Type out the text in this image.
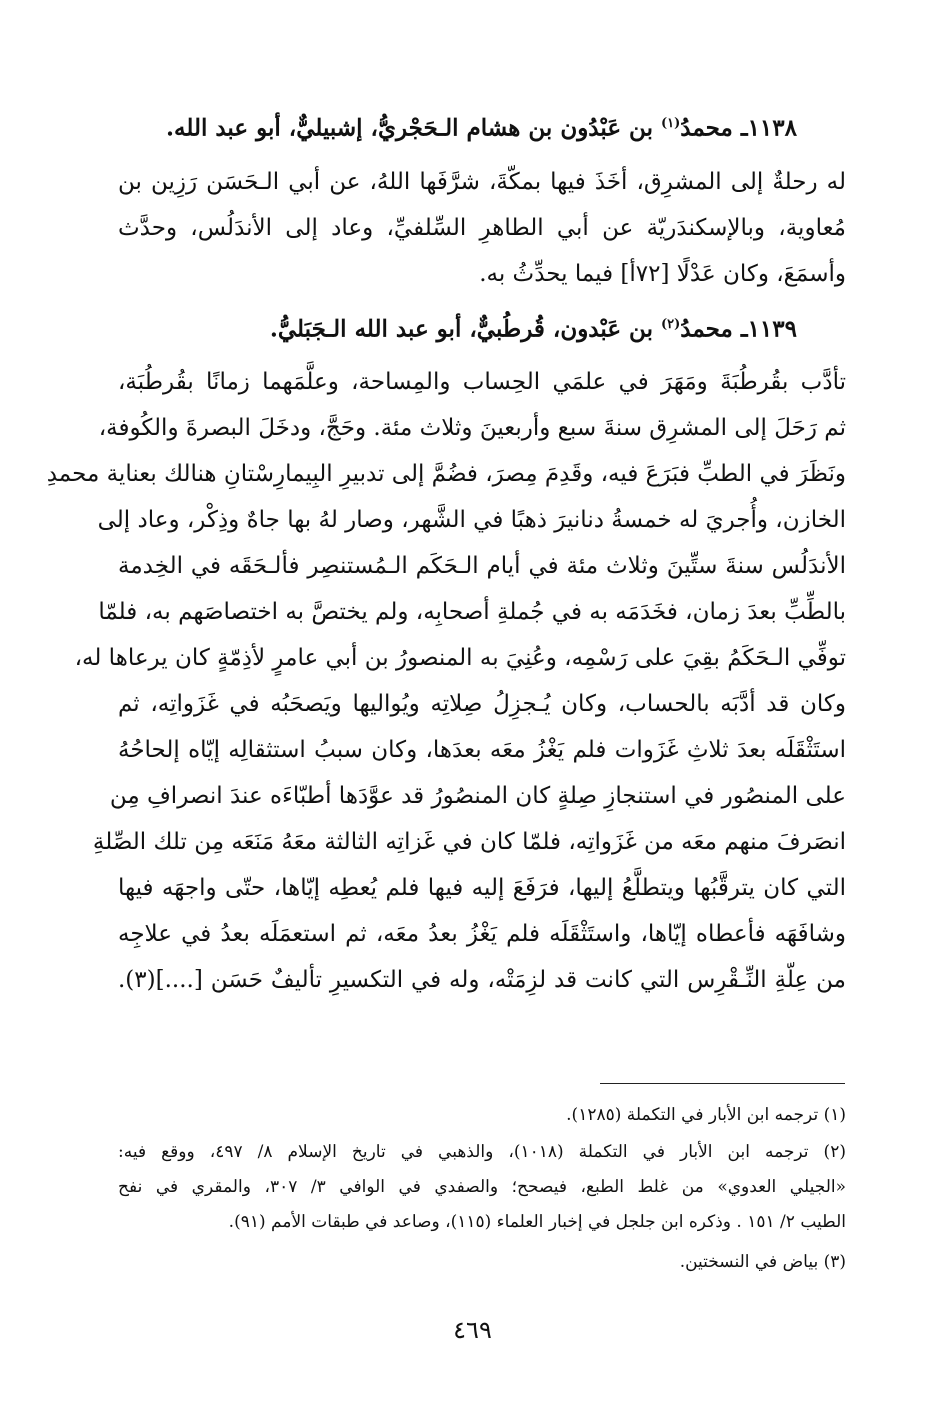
١١٣٨ـ محمدُ$^{(١)}$ بن عَبْدُون بن هشام الـحَجْريُّ، إشبيليٌّ، أبو عبد الله.
له رحلةٌ إلى المشرِق، أخَذَ فيها بمكّةَ، شرَّفَها اللهُ، عن أبي الـحَسَن رَزِين بن
مُعاوية، وبالإسكندَريّة عن أبي الطاهرِ السِّلفيِّ، وعاد إلى الأندَلُس، وحدَّث
وأسمَعَ، وكان عَدْلًا [٧٢أ] فيما يحدِّثُ به.
١١٣٩ـ محمدُ$^{(٢)}$ بن عَبْدون، قُرطُبيٌّ، أبو عبد الله الـجَبَليُّ.
تأدَّب بقُرطُبَةَ ومَهَرَ في علمَي الحِساب والمِساحة، وعلَّمَهما زمانًا بقُرطُبَة،
ثم رَحَلَ إلى المشرِق سنةَ سبع وأربعينَ وثلاث مئة. وحَجَّ، ودخَلَ البصرةَ والكُوفة،
ونَظَرَ في الطبِّ فبَرَعَ فيه، وقَدِمَ مِصرَ، فضُمَّ إلى تدبيرِ البِيمارِسْتانِ هنالك بعناية محمدِ
الخازن، وأُجريَ له خمسةُ دنانيرَ ذهبًا في الشَّهر، وصار لهُ بها جاهٌ وذِكْر، وعاد إلى
الأندَلُس سنةَ ستِّينَ وثلاث مئة في أيام الـحَكَم الـمُستنصِر فألـحَقَه في الخِدمة
بالطِّبِّ بعدَ زمان، فخَدَمَه به في جُملةِ أصحابِه، ولم يختصَّ به اختصاصَهم به، فلمّا
توفِّي الـحَكَمُ بقِيَ على رَسْمِه، وعُنِيَ به المنصورُ بن أبي عامرٍ لأذِمّةٍ كان يرعاها له،
وكان قد أدَّبَه بالحساب، وكان يُـجزِلُ صِلاتِه ويُواليها ويَصحَبُه في غَزَواتِه، ثم
استَثْقَلَه بعدَ ثلاثِ غَزَوات فلم يَغْزُ معَه بعدَها، وكان سببُ استثقالِه إيّاه إلحاحُهُ
على المنصُور في استنجازِ صِلةٍ كان المنصُورُ قد عوَّدَها أطبّاءَه عندَ انصرافِ مِن
انصَرفَ منهم معَه من غَزَواتِه، فلمّا كان في غَزاتِه الثالثة معَهُ مَنَعَه مِن تلك الصِّلةِ
التي كان يترقَّبُها ويتطلَّعُ إليها، فرَفَعَ إليه فيها فلم يُعطِه إيّاها، حتّى واجهَه فيها
وشافَهَه فأعطاه إيّاها، واستَثْقَلَه فلم يَغْزُ بعدُ معَه، ثم استعمَلَه بعدُ في علاجِه
من عِلّةِ النِّـقْرِس التي كانت قد لزِمَتْه، وله في التكسيرِ تأليفٌ حَسَن [....](٣).
(١) ترجمه ابن الأبار في التكملة (١٢٨٥).
(٢) ترجمه ابن الأبار في التكملة (١٠١٨)، والذهبي في تاريخ الإسلام ٨/ ٤٩٧، ووقع فيه:
«الجيلي العدوي» من غلط الطبع، فيصحح؛ والصفدي في الوافي ٣/ ٣٠٧، والمقري في نفح
الطيب ٢/ ١٥١ . وذكره ابن جلجل في إخبار العلماء (١١٥)، وصاعد في طبقات الأمم (٩١).
(٣) بياض في النسختين.
٤٦٩
